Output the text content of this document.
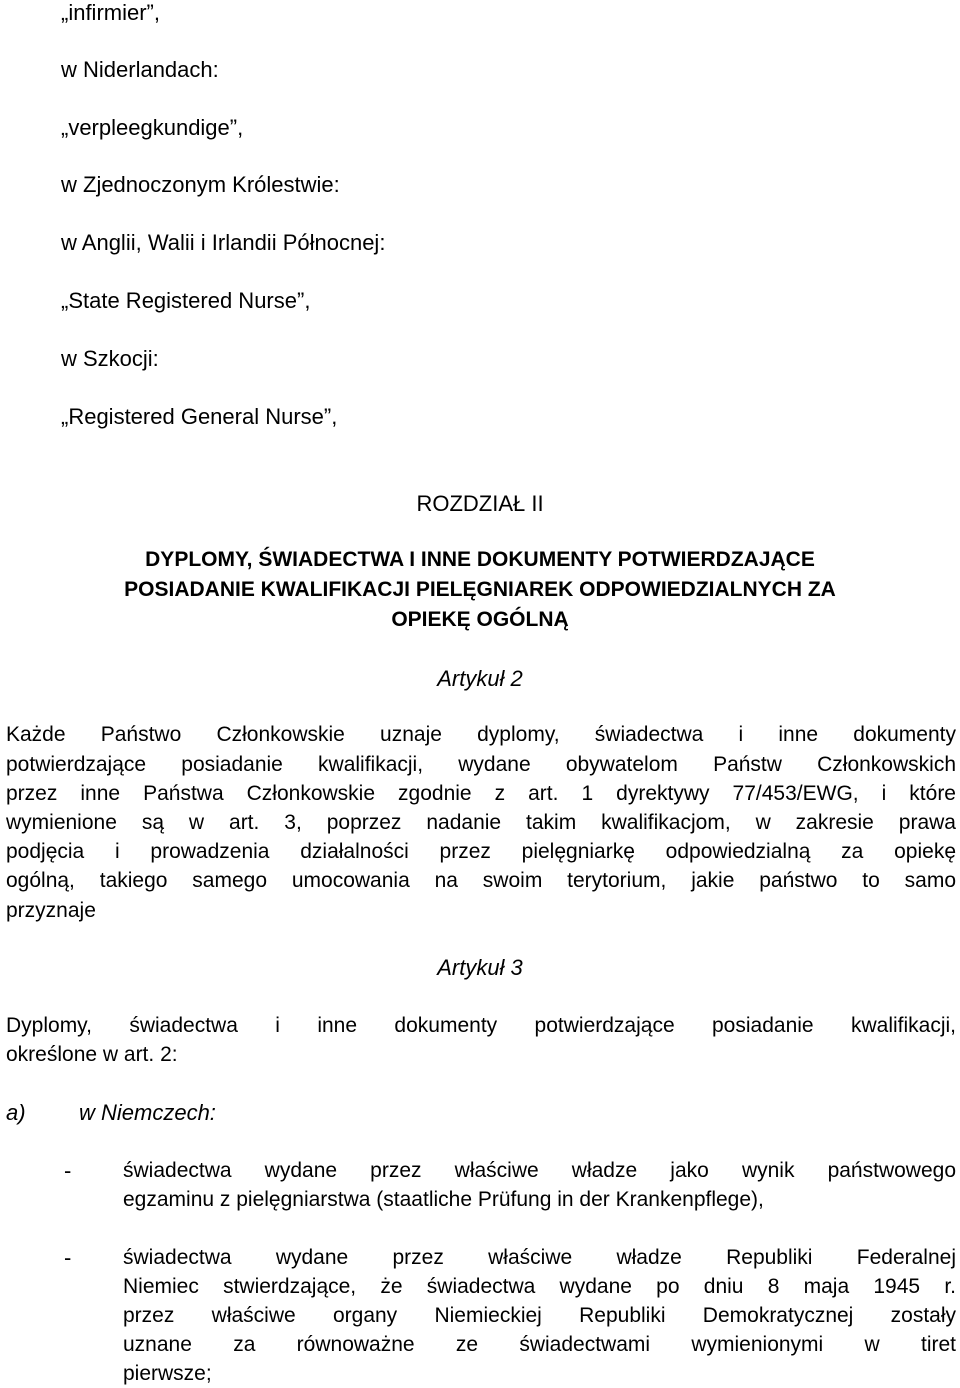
„infirmier”,
w Niderlandach:
„verpleegkundige”,
w Zjednoczonym Królestwie:
w Anglii, Walii i Irlandii Północnej:
„State Registered Nurse”,
w Szkocji:
„Registered General Nurse”,
ROZDZIAŁ II
DYPLOMY, ŚWIADECTWA I INNE DOKUMENTY POTWIERDZAJĄCE
POSIADANIE KWALIFIKACJI PIELĘGNIAREK ODPOWIEDZIALNYCH ZA
OPIEKĘ OGÓLNĄ
Artykuł 2
Każde Państwo Członkowskie uznaje dyplomy, świadectwa i inne dokumenty
potwierdzające posiadanie kwalifikacji, wydane obywatelom Państw Członkowskich
przez inne Państwa Członkowskie zgodnie z art. 1 dyrektywy 77/453/EWG, i które
wymienione są w art. 3, poprzez nadanie takim kwalifikacjom, w zakresie prawa
podjęcia i prowadzenia działalności przez pielęgniarkę odpowiedzialną za opiekę
ogólną, takiego samego umocowania na swoim terytorium, jakie państwo to samo
przyznaje
Artykuł 3
Dyplomy, świadectwa i inne dokumenty potwierdzające posiadanie kwalifikacji,
określone w art. 2:
a) w Niemczech:
- świadectwa wydane przez właściwe władze jako wynik państwowego
egzaminu z pielęgniarstwa (staatliche Prüfung in der Krankenpflege),
- świadectwa wydane przez właściwe władze Republiki Federalnej
Niemiec stwierdzające, że świadectwa wydane po dniu 8 maja 1945 r.
przez właściwe organy Niemieckiej Republiki Demokratycznej zostały
uznane za równoważne ze świadectwami wymienionymi w tiret
pierwsze;
